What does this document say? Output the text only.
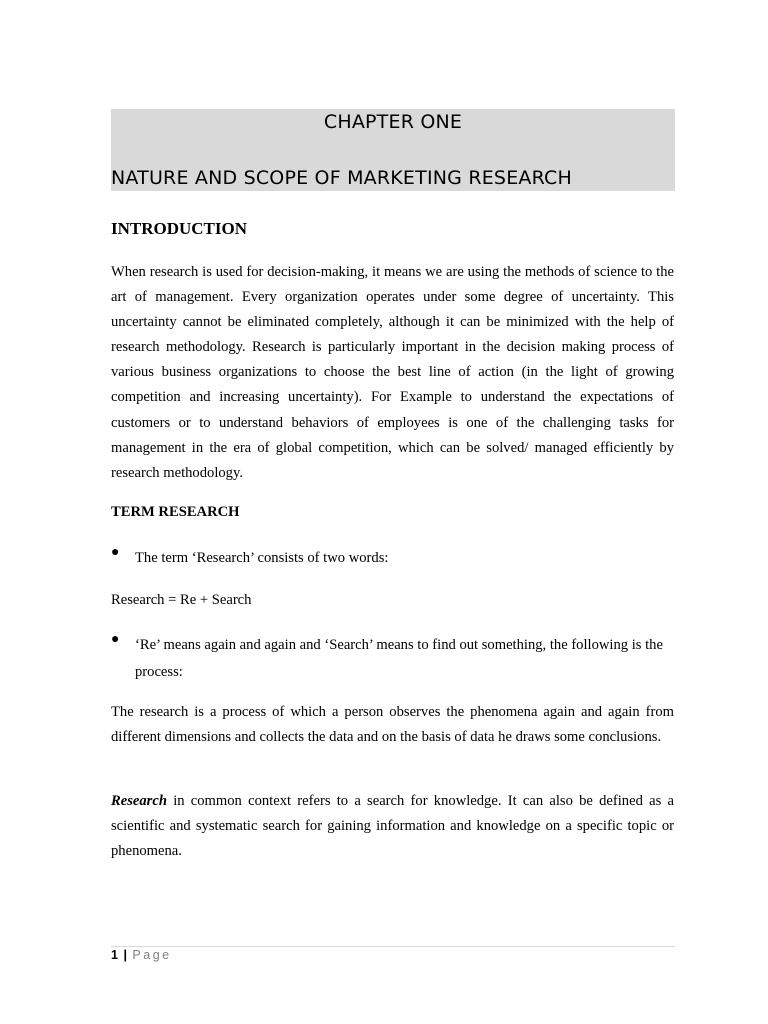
CHAPTER ONE
NATURE AND SCOPE OF MARKETING RESEARCH
INTRODUCTION

When research is used for decision-making, it means we are using the methods of science to the art of management. Every organization operates under some degree of uncertainty. This uncertainty cannot be eliminated completely, although it can be minimized with the help of research methodology. Research is particularly important in the decision making process of various business organizations to choose the best line of action (in the light of growing competition and increasing uncertainty). For Example to understand the expectations of customers or to understand behaviors of employees is one of the challenging tasks for management in the era of global competition, which can be solved/ managed efficiently by research methodology.

TERM RESEARCH
● The term ‘Research’ consists of two words:

Research = Re + Search
● ‘Re’ means again and again and ‘Search’ means to find out something, the following is the process:

The research is a process of which a person observes the phenomena again and again from different dimensions and collects the data and on the basis of data he draws some conclusions.

Research in common context refers to a search for knowledge. It can also be defined as a scientific and systematic search for gaining information and knowledge on a specific topic or phenomena.

1 | Page
